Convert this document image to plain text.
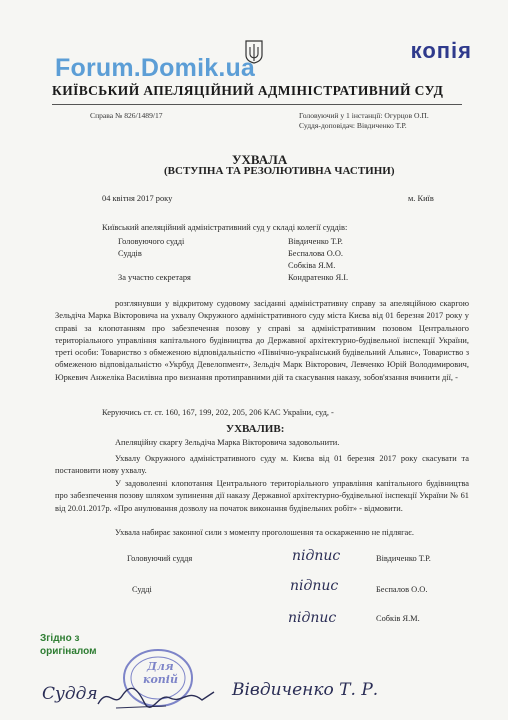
Forum.Domik.ua
копія
КИЇВСЬКИЙ АПЕЛЯЦІЙНИЙ АДМІНІСТРАТИВНИЙ СУД
Справа № 826/1489/17	Головуючий у 1 інстанції: Огурцов О.П.
Суддя-доповідач: Вівдиченко Т.Р.
УХВАЛА
(ВСТУПНА ТА РЕЗОЛЮТИВНА ЧАСТИНИ)
04 квітня 2017 року	м. Київ
Київський апеляційний адміністративний суд у складі колегії суддів:
Головуючого судді	Вівдиченко Т.Р.
Суддів	Беспалова О.О.
Собківа Я.М.
За участю секретаря	Кондратенко Я.І.

розглянувши у відкритому судовому засіданні адміністративну справу за апеляційною скаргою Зельдіча Марка Вікторовича на ухвалу Окружного адміністративного суду міста Києва від 01 березня 2017 року у справі за клопотанням про забезпечення позову у справі за адміністративним позовом Центрального територіального управління капітального будівництва до Державної архітектурно-будівельної інспекції України, треті особи: Товариство з обмеженою відповідальністю «Північно-український будівельний Альянс», Товариство з обмеженою відповідальністю «Укрбуд Девелопмент», Зельдіч Марк Вікторович, Левченко Юрій Володимирович, Юркевич Анжеліка Василівна про визнання протиправними дій та скасування наказу, зобов'язання вчинити дії, -

Керуючись ст. ст. 160, 167, 199, 202, 205, 206 КАС України, суд, -
УХВАЛИВ:

Апеляційну скаргу Зельдіча Марка Вікторовича задовольнити.

Ухвалу Окружного адміністративного суду м. Києва від 01 березня 2017 року скасувати та постановити нову ухвалу.

У задоволенні клопотання Центрального територіального управління капітального будівництва про забезпечення позову шляхом зупинення дії наказу Державної архітектурно-будівельної інспекції України № 61 від 20.01.2017р. «Про анулювання дозволу на початок виконання будівельних робіт» - відмовити.

Ухвала набирає законної сили з моменту проголошення та оскарженню не підлягає.

Головуючий суддя	підпис	Вівдиченко Т.Р.
Судді	підпис	Беспалов О.О.
підпис	Собків Я.М.
Згідно з
оригіналом
Для
копій
Суддя	Вівдиченко Т. Р.
